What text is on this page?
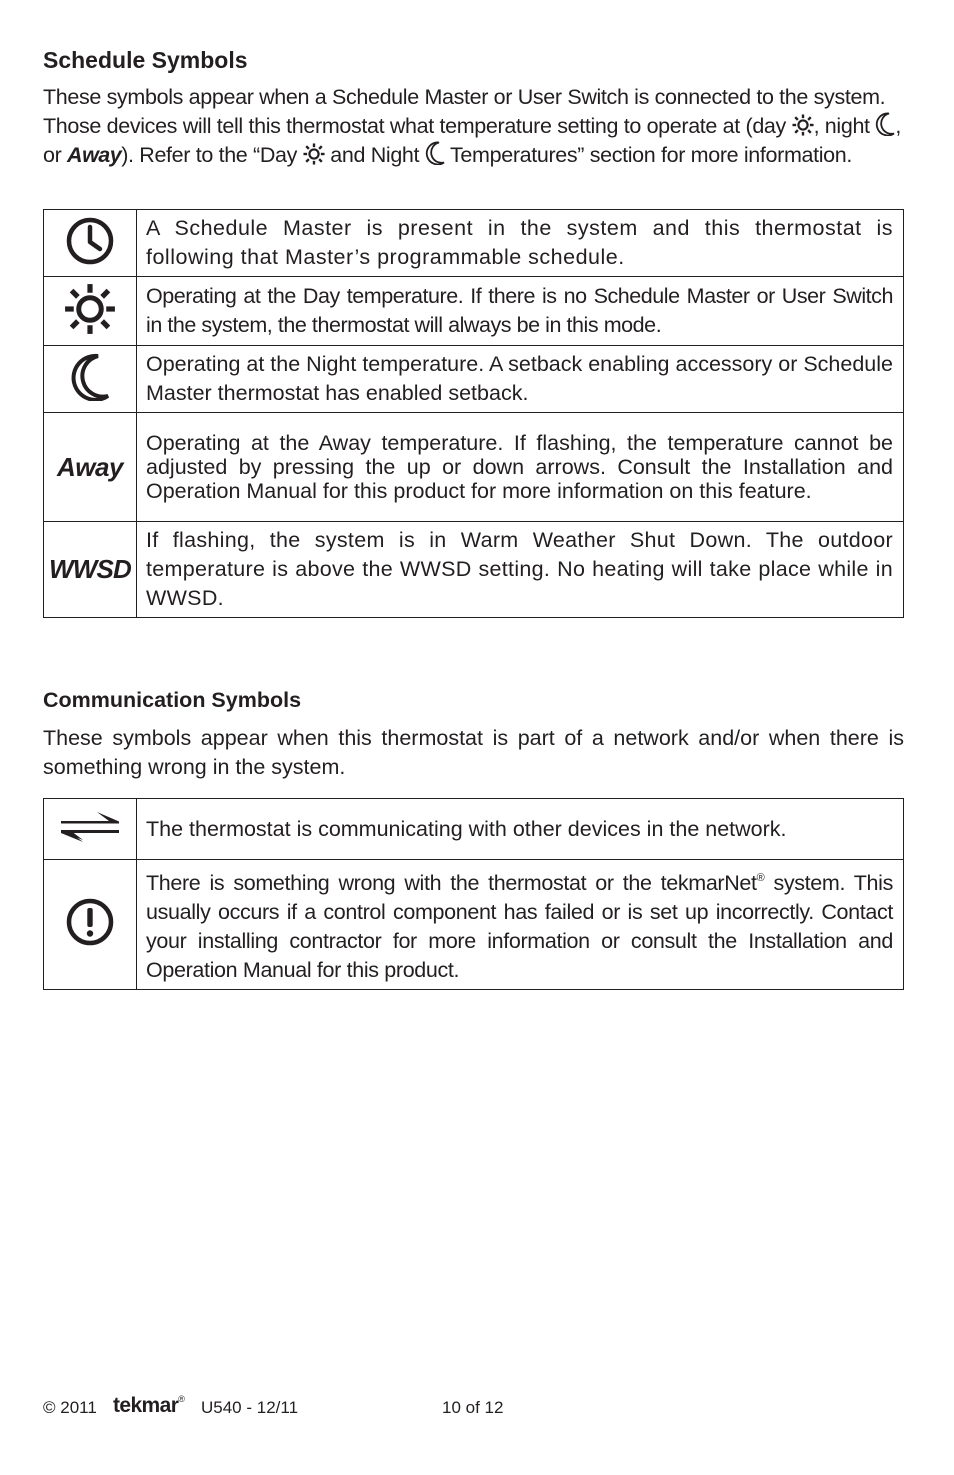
Schedule Symbols

These symbols appear when a Schedule Master or User Switch is connected to the system. Those devices will tell this thermostat what temperature setting to operate at (day , night , or Away). Refer to the “Day  and Night  Temperatures” section for more information.

	A Schedule Master is present in the system and this thermostat is following that Master’s programmable schedule.
	Operating at the Day temperature. If there is no Schedule Master or User Switch in the system, the thermostat will always be in this mode.
	Operating at the Night temperature. A setback enabling accessory or Schedule Master thermostat has enabled setback.
Away	Operating at the Away temperature. If flashing, the temperature cannot be adjusted by pressing the up or down arrows. Consult the Installation and Operation Manual for this product for more information on this feature.
WWSD	If flashing, the system is in Warm Weather Shut Down. The outdoor temperature is above the WWSD setting. No heating will take place while in WWSD.
Communication Symbols

These symbols appear when this thermostat is part of a network and/or when there is something wrong in the system.

	The thermostat is communicating with other devices in the network.
	There is something wrong with the thermostat or the tekmarNet® system. This usually occurs if a control component has failed or is set up incorrectly. Contact your installing contractor for more information or consult the Installation and Operation Manual for this product.
© 2011 tekmar® U540 - 12/11	10 of 12
